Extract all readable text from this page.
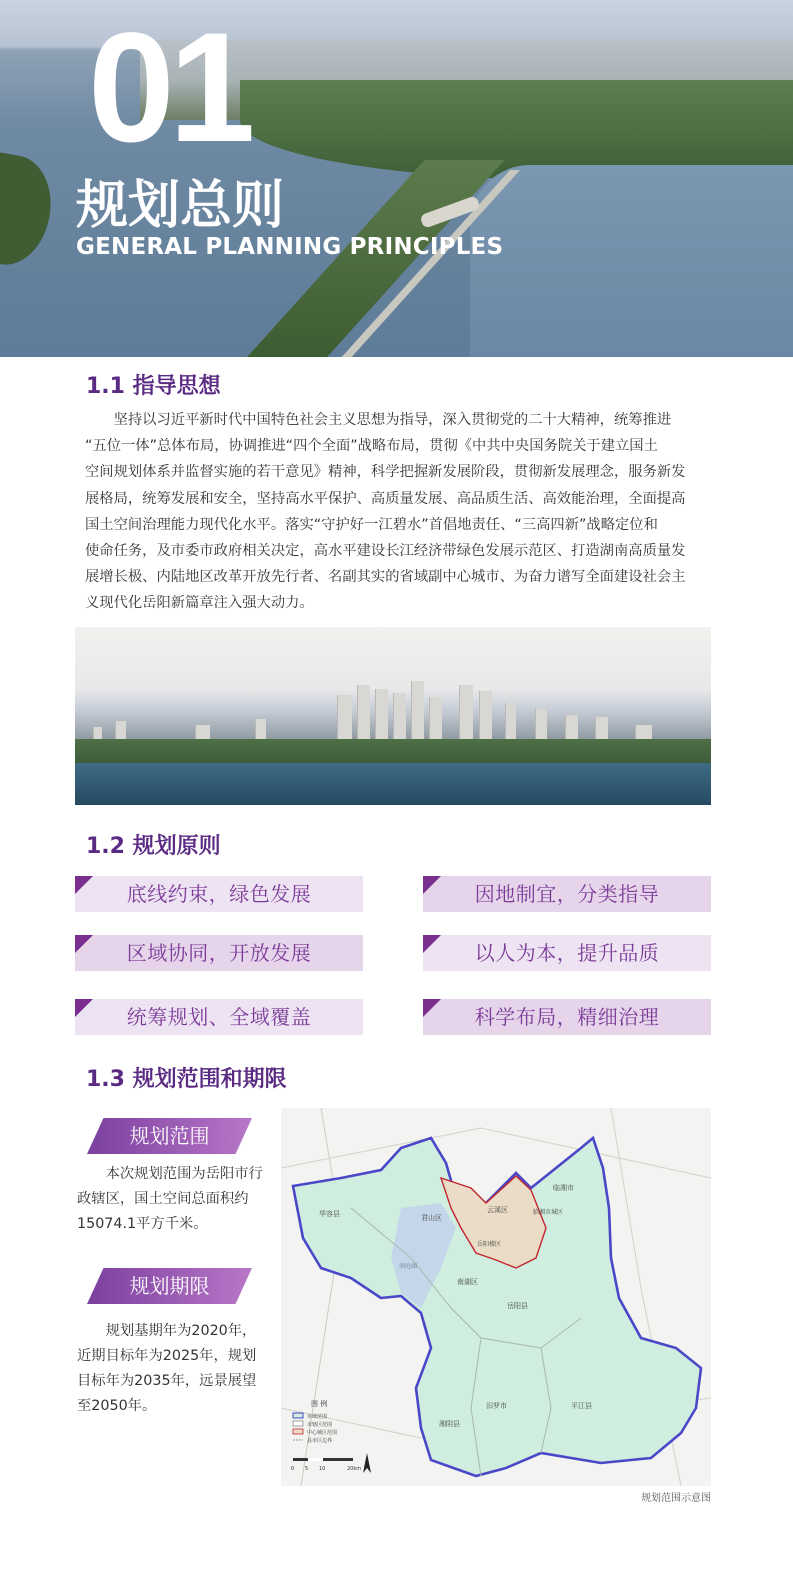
01
规划总则
GENERAL PLANNING PRINCIPLES
1.1 指导思想
坚持以习近平新时代中国特色社会主义思想为指导，深入贯彻党的二十大精神，统筹推进
“五位一体”总体布局，协调推进“四个全面”战略布局，贯彻《中共中央国务院关于建立国土
空间规划体系并监督实施的若干意见》精神，科学把握新发展阶段，贯彻新发展理念，服务新发
展格局，统筹发展和安全，坚持高水平保护、高质量发展、高品质生活、高效能治理，全面提高
国土空间治理能力现代化水平。落实“守护好一江碧水”首倡地责任、“三高四新”战略定位和
使命任务，及市委市政府相关决定，高水平建设长江经济带绿色发展示范区、打造湖南高质量发
展增长极、内陆地区改革开放先行者、名副其实的省域副中心城市、为奋力谱写全面建设社会主
义现代化岳阳新篇章注入强大动力。
1.2 规划原则
底线约束，绿色发展	因地制宜，分类指导
区域协同，开放发展	以人为本，提升品质
统筹规划、全域覆盖	科学布局，精细治理
1.3 规划范围和期限
规划范围
本次规划范围为岳阳市行
政辖区，国土空间总面积约
15074.1平方千米。
规划期限
规划基期年为2020年，
近期目标年为2025年，规划
目标年为2035年，远景展望
至2050年。
华容县	君山区
云溪区
临湘市
临湘市城区
岳阳楼区
岳阳县
湘阴县
汨罗市	平江县
南湖区
洞庭湖
图 例
市域范围
市辖区范围
中心城区范围
县市区边界
0 5 10	20km
规划范围示意图
